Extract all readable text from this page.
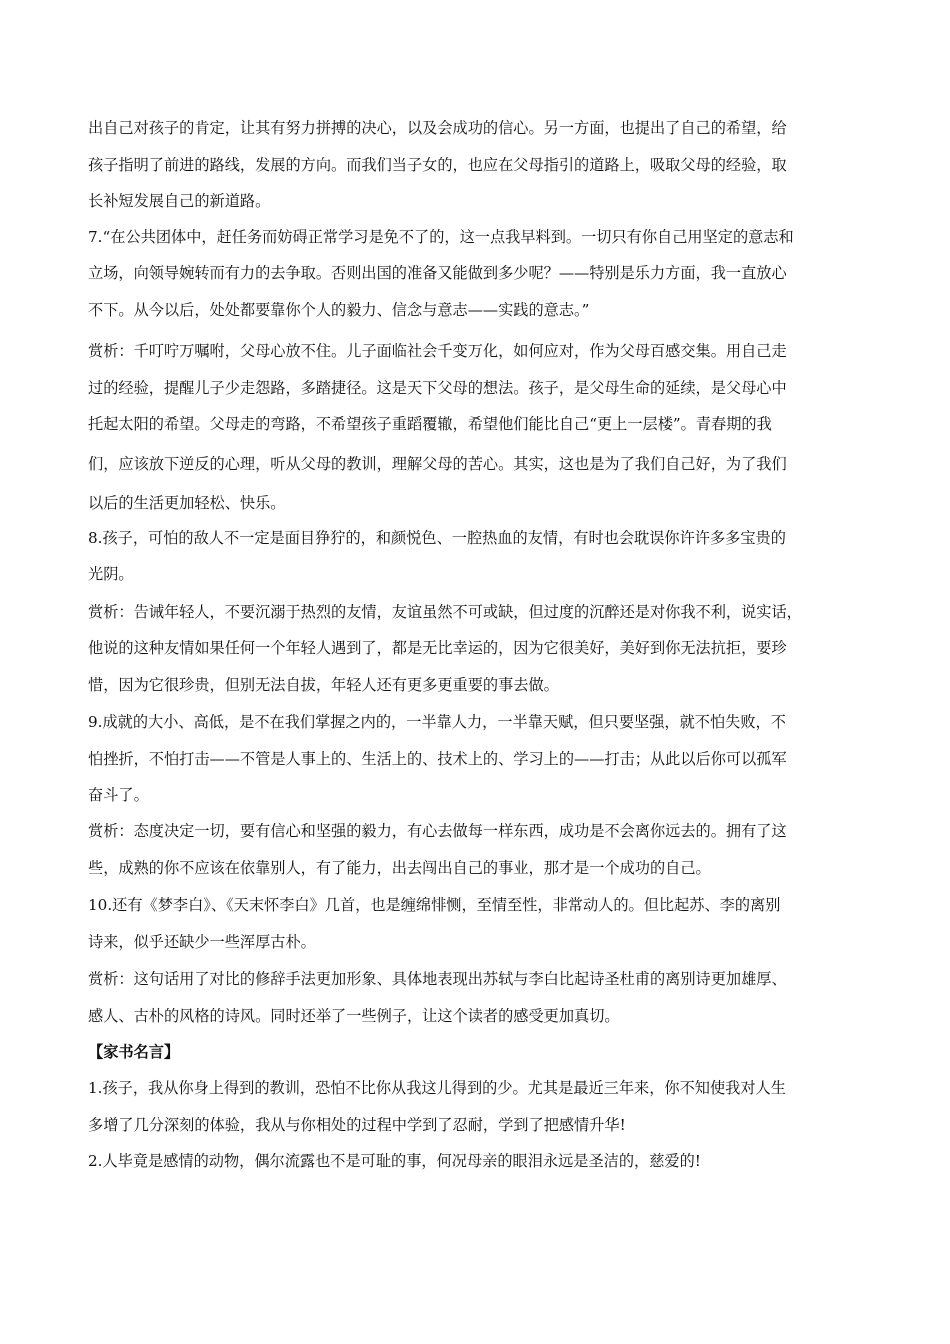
出自己对孩子的肯定，让其有努力拼搏的决心，以及会成功的信心。另一方面，也提出了自己的希望，给
孩子指明了前进的路线，发展的方向。而我们当子女的，也应在父母指引的道路上，吸取父母的经验，取
长补短发展自己的新道路。
7.“在公共团体中，赶任务而妨碍正常学习是免不了的，这一点我早料到。一切只有你自己用坚定的意志和
立场，向领导婉转而有力的去争取。否则出国的准备又能做到多少呢？——特别是乐力方面，我一直放心
不下。从今以后，处处都要靠你个人的毅力、信念与意志——实践的意志。”
赏析：千叮咛万嘱咐，父母心放不住。儿子面临社会千变万化，如何应对，作为父母百感交集。用自己走
过的经验，提醒儿子少走怨路，多踏捷径。这是天下父母的想法。孩子，是父母生命的延续，是父母心中
托起太阳的希望。父母走的弯路，不希望孩子重蹈覆辙，希望他们能比自己“更上一层楼”。青春期的我
们，应该放下逆反的心理，听从父母的教训，理解父母的苦心。其实，这也是为了我们自己好，为了我们
以后的生活更加轻松、快乐。
8.孩子，可怕的敌人不一定是面目狰狞的，和颜悦色、一腔热血的友情，有时也会耽误你许许多多宝贵的
光阴。
赏析：告诫年轻人，不要沉溺于热烈的友情，友谊虽然不可或缺，但过度的沉醉还是对你我不利，说实话，
他说的这种友情如果任何一个年轻人遇到了，都是无比幸运的，因为它很美好，美好到你无法抗拒，要珍
惜，因为它很珍贵，但别无法自拔，年轻人还有更多更重要的事去做。
9.成就的大小、高低，是不在我们掌握之内的，一半靠人力，一半靠天赋，但只要坚强，就不怕失败，不
怕挫折，不怕打击——不管是人事上的、生活上的、技术上的、学习上的——打击；从此以后你可以孤军
奋斗了。
赏析：态度决定一切，要有信心和坚强的毅力，有心去做每一样东西，成功是不会离你远去的。拥有了这
些，成熟的你不应该在依靠别人，有了能力，出去闯出自己的事业，那才是一个成功的自己。
10.还有《梦李白》、《天末怀李白》几首，也是缠绵悱恻，至情至性，非常动人的。但比起苏、李的离别
诗来，似乎还缺少一些浑厚古朴。
赏析：这句话用了对比的修辞手法更加形象、具体地表现出苏轼与李白比起诗圣杜甫的离别诗更加雄厚、
感人、古朴的风格的诗风。同时还举了一些例子，让这个读者的感受更加真切。
【家书名言】
1.孩子，我从你身上得到的教训，恐怕不比你从我这儿得到的少。尤其是最近三年来，你不知使我对人生
多增了几分深刻的体验，我从与你相处的过程中学到了忍耐，学到了把感情升华!
2.人毕竟是感情的动物，偶尔流露也不是可耻的事，何况母亲的眼泪永远是圣洁的，慈爱的!
